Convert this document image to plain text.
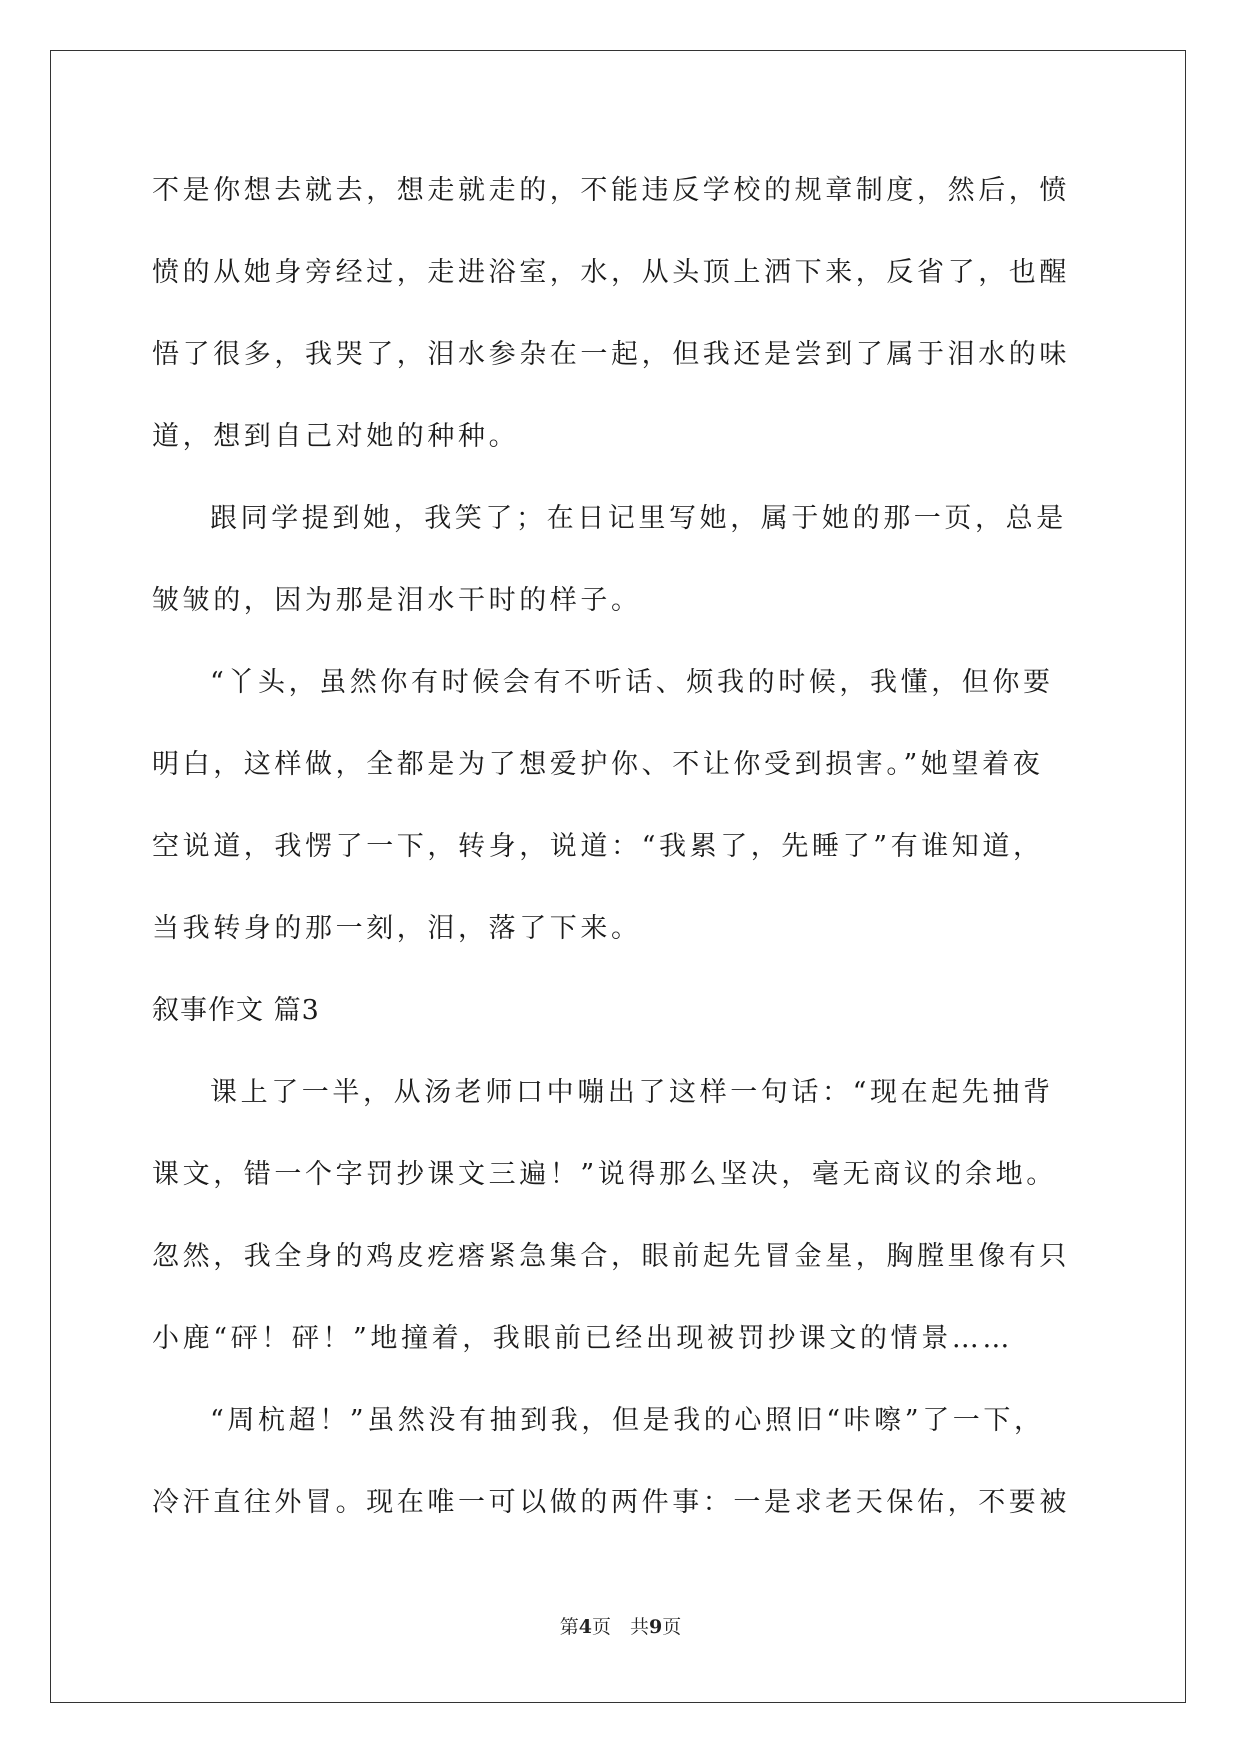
不是你想去就去，想走就走的，不能违反学校的规章制度，然后，愤
愤的从她身旁经过，走进浴室，水，从头顶上洒下来，反省了，也醒
悟了很多，我哭了，泪水参杂在一起，但我还是尝到了属于泪水的味
道，想到自己对她的种种。
跟同学提到她，我笑了；在日记里写她，属于她的那一页，总是
皱皱的，因为那是泪水干时的样子。
“丫头，虽然你有时候会有不听话、烦我的时候，我懂，但你要
明白，这样做，全都是为了想爱护你、不让你受到损害。”她望着夜
空说道，我愣了一下，转身，说道：“我累了，先睡了”有谁知道，
当我转身的那一刻，泪，落了下来。
叙事作文 篇3
课上了一半，从汤老师口中嘣出了这样一句话：“现在起先抽背
课文，错一个字罚抄课文三遍！”说得那么坚决，毫无商议的余地。
忽然，我全身的鸡皮疙瘩紧急集合，眼前起先冒金星，胸膛里像有只
小鹿“砰！砰！”地撞着，我眼前已经出现被罚抄课文的情景……
“周杭超！”虽然没有抽到我，但是我的心照旧“咔嚓”了一下，
冷汗直往外冒。现在唯一可以做的两件事：一是求老天保佑，不要被
第4页　共9页
